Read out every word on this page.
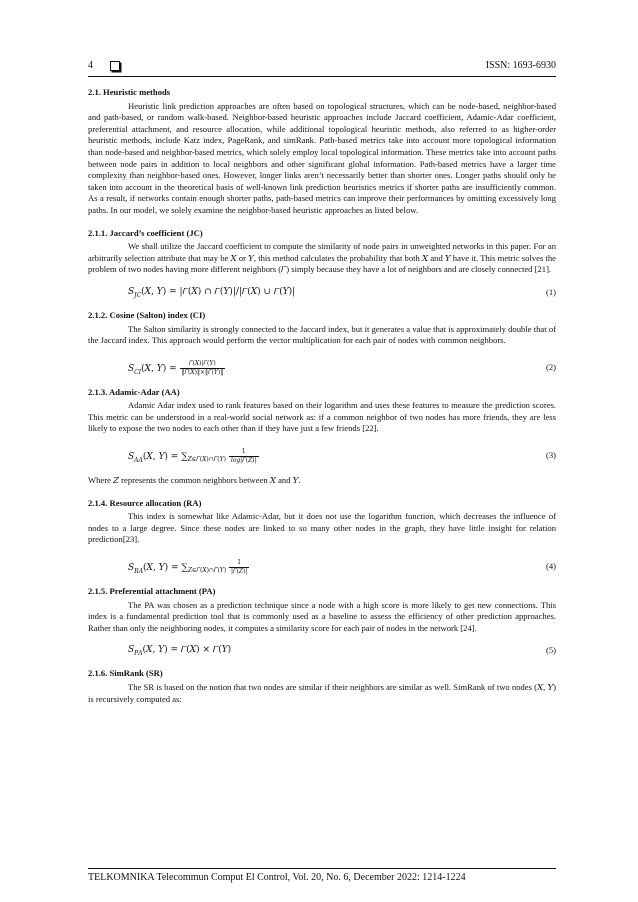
4	ISSN: 1693-6930
2.1. Heuristic methods

Heuristic link prediction approaches are often based on topological structures, which can be node-based, neighbor-based and path-based, or random walk-based. Neighbor-based heuristic approaches include Jaccard coefficient, Adamic-Adar coefficient, preferential attachment, and resource allocation, while additional topological heuristic methods, also referred to as higher-order heuristic methods, include Katz index, PageRank, and simRank. Path-based metrics take into account more topological information than node-based and neighbor-based metrics, which solely employ local topological information. These metrics take into account paths between node pairs in addition to local neighbors and other significant global information. Path-based metrics have a larger time complexity than neighbor-based ones. However, longer links aren’t necessarily better than shorter ones. Longer paths should only be taken into account in the theoretical basis of well-known link prediction heuristics metrics if shorter paths are insufficiently common. As a result, if networks contain enough shorter paths, path-based metrics can improve their performances by omitting excessively long paths. In our model, we solely examine the neighbor-based heuristic approaches as listed below.

2.1.1. Jaccard’s coefficient (JC)

We shall utilize the Jaccard coefficient to compute the similarity of node pairs in unweighted networks in this paper. For an arbitrarily selection attribute that may be 𝑋 or 𝑌, this method calculates the probability that both 𝑋 and 𝑌 have it. This metric solves the problem of two nodes having more different neighbors (𝛤) simply because they have a lot of neighbors and are closely connected [21].

𝑆$_{𝐽𝐶}$(𝑋, 𝑌) = |𝛤(𝑋) ∩ 𝛤(𝑌)|/|𝛤(𝑋) ∪ 𝛤(𝑌)|	(1)
2.1.2. Cosine (Salton) index (CI)

The Salton similarity is strongly connected to the Jaccard index, but it generates a value that is approximately double that of the Jaccard index. This approach would perform the vector multiplication for each pair of nodes with common neighbors.

𝑆$_{𝐶𝐼}$(𝑋, 𝑌) = $\frac{\text{𝛤(𝑋)|𝛤(𝑌)}}{\text{‖𝛤(𝑋)‖×‖𝛤(𝑌)‖}}$	(2)
2.1.3. Adamic-Adar (AA)

Adamic Adar index used to rank features based on their logarithm and uses these features to measure the prediction scores. This metric can be understood in a real-world social network as: if a common neighbor of two nodes has more friends, they are less likely to expose the two nodes to each other than if they have just a few friends [22].

𝑆$_{𝐴𝐴}$(𝑋, 𝑌) = $\sum_{𝑍\in 𝛤(𝑋)\cap 𝛤(𝑌)} \frac{1}{\text{𝑙𝑜𝑔|𝛤(𝑍)|}}$	(3)

Where 𝑍 represents the common neighbors between 𝑋 and 𝑌.

2.1.4. Resource allocation (RA)

This index is somewhat like Adamic-Adar, but it does not use the logarithm function, which decreases the influence of nodes to a large degree. Since these nodes are linked to so many other nodes in the graph, they have little insight for relation prediction[23].

𝑆$_{𝑅𝐴}$(𝑋, 𝑌) = $\sum_{𝑍\in 𝛤(𝑋)\cap 𝛤(𝑌)} \frac{1}{\text{|𝛤(𝑍)|}}$	(4)
2.1.5. Preferential attachment (PA)

The PA was chosen as a prediction technique since a node with a high score is more likely to get new connections. This index is a fundamental prediction tool that is commonly used as a baseline to assess the efficiency of other prediction approaches. Rather than only the neighboring nodes, it computes a similarity score for each pair of nodes in the network [24].

𝑆$_{𝑃𝐴}$(𝑋, 𝑌) = 𝛤(𝑋) × 𝛤(𝑌)	(5)
2.1.6. SimRank (SR)

The SR is based on the notion that two nodes are similar if their neighbors are similar as well. SimRank of two nodes (𝑋, 𝑌) is recursively computed as:

TELKOMNIKA Telecommun Comput El Control, Vol. 20, No. 6, December 2022: 1214-1224
